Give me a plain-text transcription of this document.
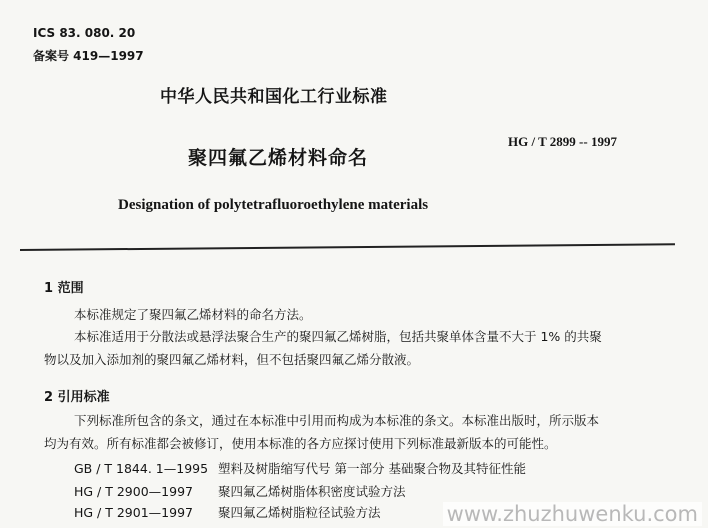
ICS 83. 080. 20
备案号 419—1997
中华人民共和国化工行业标准
聚四氟乙烯材料命名
HG / T 2899 -- 1997
Designation of polytetrafluoroethylene materials
1 范围
本标准规定了聚四氟乙烯材料的命名方法。
本标准适用于分散法或悬浮法聚合生产的聚四氟乙烯树脂，包括共聚单体含量不大于 1% 的共聚
物以及加入添加剂的聚四氟乙烯材料，但不包括聚四氟乙烯分散液。
2 引用标准
下列标准所包含的条文，通过在本标准中引用而构成为本标准的条文。本标准出版时，所示版本
均为有效。所有标准都会被修订，使用本标准的各方应探讨使用下列标准最新版本的可能性。
GB / T 1844. 1—1995 塑料及树脂缩写代号 第一部分 基础聚合物及其特征性能
HG / T 2900—1997 聚四氟乙烯树脂体积密度试验方法
HG / T 2901—1997 聚四氟乙烯树脂粒径试验方法	www.zhuzhuwenku.com
